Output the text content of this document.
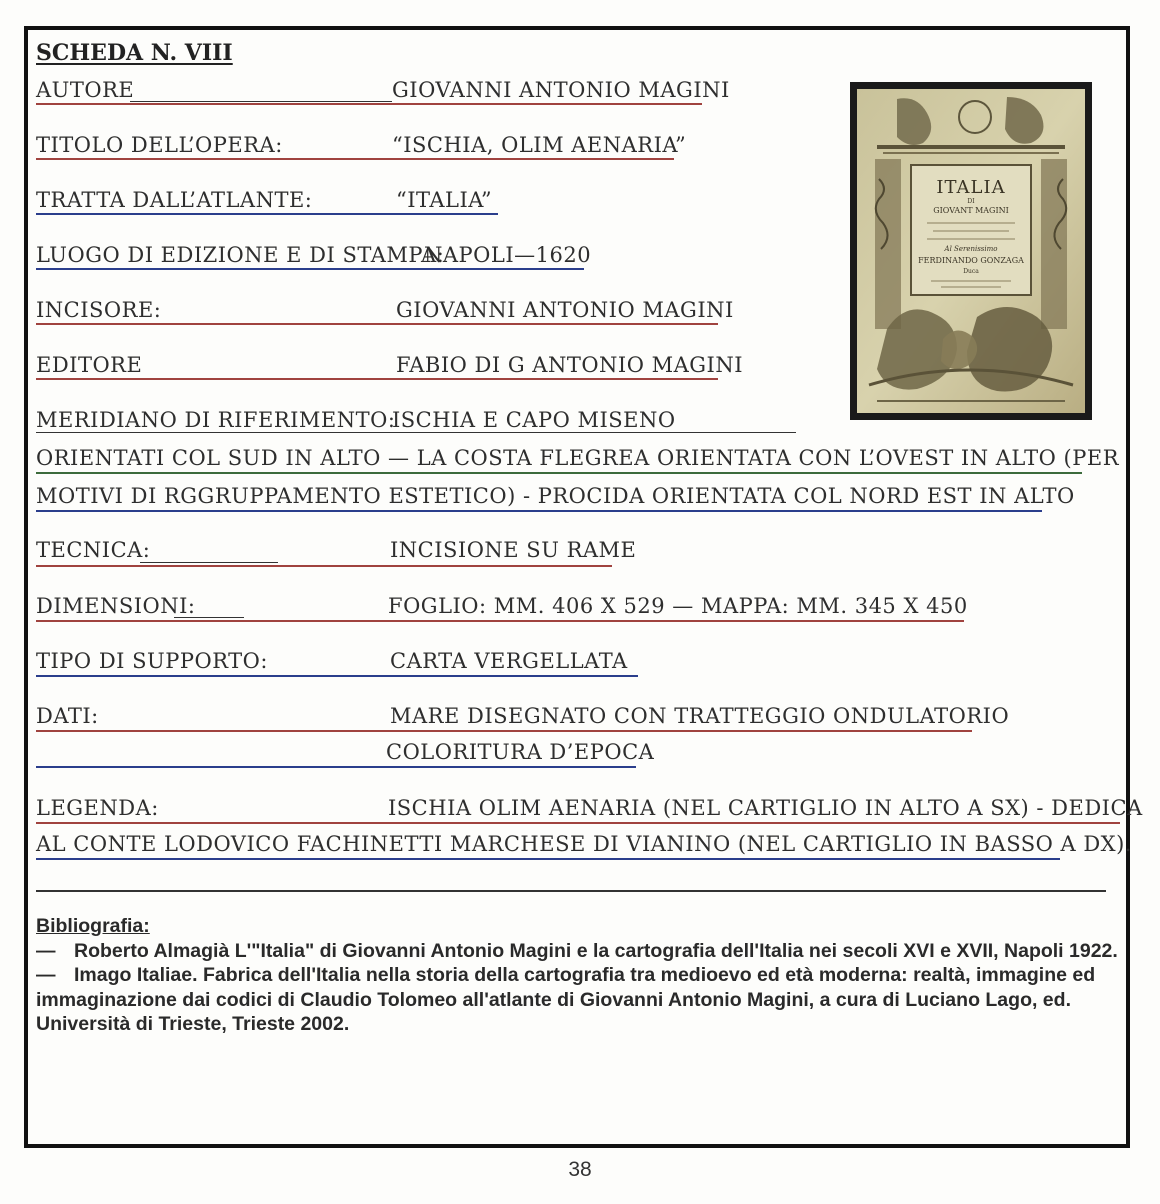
SCHEDA N. VIII
AUTORE	GIOVANNI ANTONIO MAGINI
TITOLO DELL’OPERA:	“ISCHIA, OLIM AENARIA”
TRATTA DALL’ATLANTE:	“ITALIA”
LUOGO DI EDIZIONE E DI STAMPA:
NAPOLI—1620
INCISORE:	GIOVANNI ANTONIO MAGINI
EDITORE	FABIO DI G ANTONIO MAGINI
MERIDIANO DI RIFERIMENTO:
ISCHIA E CAPO MISENO
ORIENTATI COL SUD IN ALTO — LA COSTA FLEGREA ORIENTATA CON L’OVEST IN ALTO (PER
MOTIVI DI RGGRUPPAMENTO ESTETICO) - PROCIDA ORIENTATA COL NORD EST IN ALTO
TECNICA:	INCISIONE SU RAME
DIMENSIONI:	FOGLIO: MM. 406 X 529 — MAPPA: MM. 345 X 450
TIPO DI SUPPORTO:	CARTA VERGELLATA
DATI:	MARE DISEGNATO CON TRATTEGGIO ONDULATORIO
COLORITURA D’EPOCA
LEGENDA:	ISCHIA OLIM AENARIA (NEL CARTIGLIO IN ALTO A SX) - DEDICA
AL CONTE LODOVICO FACHINETTI MARCHESE DI VIANINO (NEL CARTIGLIO IN BASSO A DX).
ITALIA
DI
GIOVANT MAGINI
Al Serenissimo
FERDINANDO GONZAGA
Duca
Bibliografia:

— Roberto Almagià L'"Italia" di Giovanni Antonio Magini e la cartografia dell'Italia nei secoli XVI e XVII, Napoli 1922.

— Imago Italiae. Fabrica dell'Italia nella storia della cartografia tra medioevo ed età moderna: realtà, immagine ed immaginazione dai codici di Claudio Tolomeo all'atlante di Giovanni Antonio Magini, a cura di Luciano Lago, ed. Università di Trieste, Trieste 2002.

38
